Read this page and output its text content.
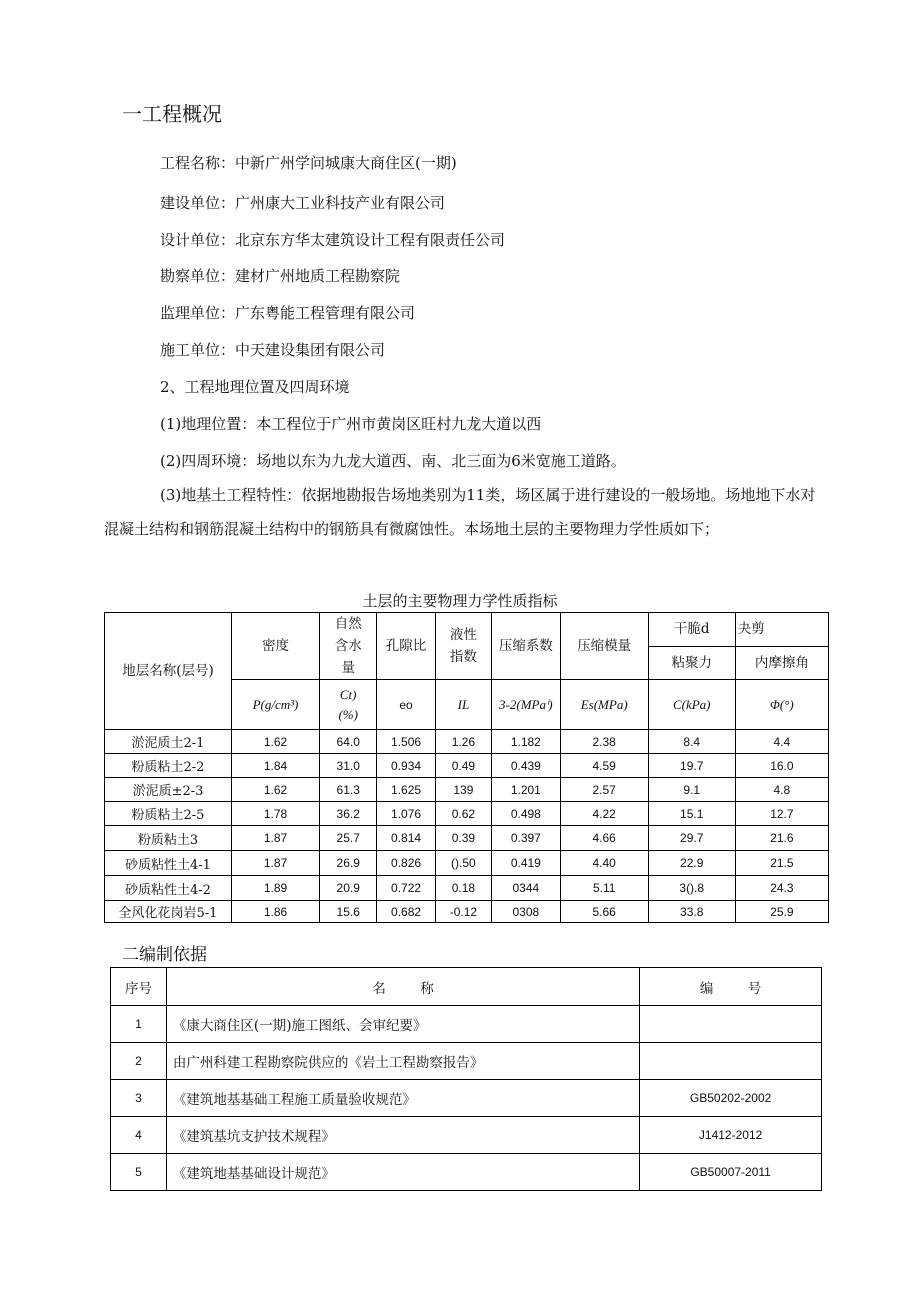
一工程概况
工程名称：中新广州学问城康大商住区(一期)
建设单位：广州康大工业科技产业有限公司
设计单位：北京东方华太建筑设计工程有限责任公司
勘察单位：建材广州地质工程勘察院
监理单位：广东粤能工程管理有限公司
施工单位：中天建设集团有限公司
2、工程地理位置及四周环境
(1)地理位置：本工程位于广州市黄岗区旺村九龙大道以西
(2)四周环境：场地以东为九龙大道西、南、北三面为6米宽施工道路。
(3)地基土工程特性：依据地勘报告场地类别为11类，场区属于进行建设的一般场地。场地地下水对混凝土结构和钢筋混凝土结构中的钢筋具有微腐蚀性。本场地土层的主要物理力学性质如下；
土层的主要物理力学性质指标
地层名称(层号)	密度	自然含水量	孔隙比	液性指数	压缩系数	压缩模量	干脆d	夬剪
							粘聚力	内摩擦角
	P(g/cm³)	Ct)(%)	eo	IL	3-2(MPaⁱ)	Es(MPa)	C(kPa)	Φ(°)
淤泥质土2-1	1.62	64.0	1.506	1.26	1.182	2.38	8.4	4.4
粉质粘土2-2	1.84	31.0	0.934	0.49	0.439	4.59	19.7	16.0
淤泥质±2-3	1.62	61.3	1.625	139	1.201	2.57	9.1	4.8
粉质粘土2-5	1.78	36.2	1.076	0.62	0.498	4.22	15.1	12.7
粉质粘土3	1.87	25.7	0.814	0.39	0.397	4.66	29.7	21.6
砂质粘性土4-1	1.87	26.9	0.826	().50	0.419	4.40	22.9	21.5
砂质粘性土4-2	1.89	20.9	0.722	0.18	0344	5.11	3().8	24.3
全风化花岗岩5-1	1.86	15.6	0.682	-0.12	0308	5.66	33.8	25.9
二编制依据
序号	名        称	编        号
1	《康大商住区(一期)施工图纸、会审纪要》	
2	由广州科建工程勘察院供应的《岩土工程勘察报告》	
3	《建筑地基基础工程施工质量验收规范》	GB50202-2002
4	《建筑基坑支护技术规程》	J1412-2012
5	《建筑地基基础设计规范》	GB50007-2011
